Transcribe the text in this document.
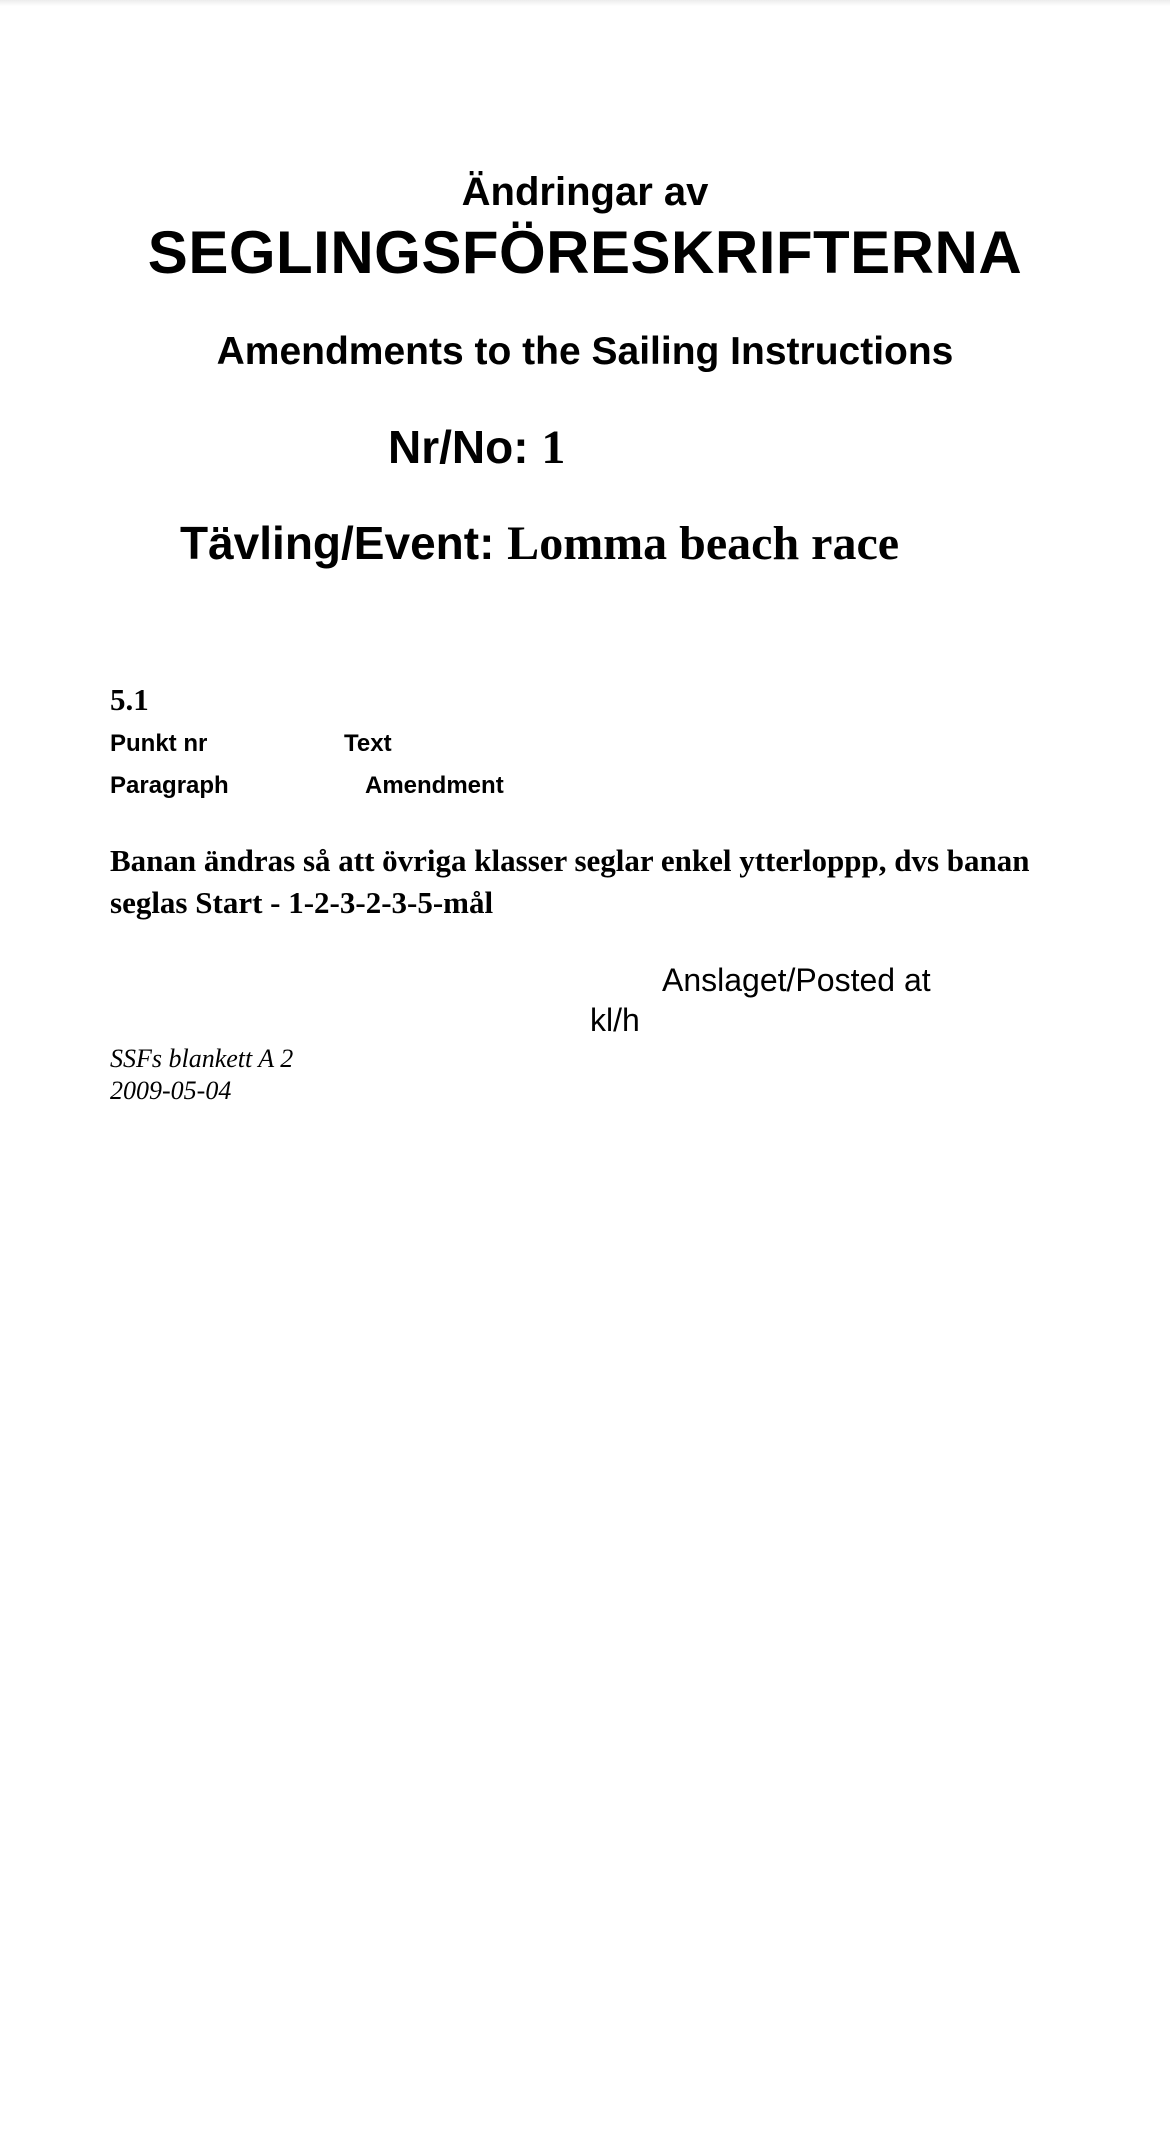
Ändringar av
SEGLINGSFÖRESKRIFTERNA
Amendments to the Sailing Instructions
Nr/No: 1
Tävling/Event: Lomma beach race
5.1
Punkt nr	Text
Paragraph	Amendment
Banan ändras så att övriga klasser seglar enkel ytterloppp, dvs banan seglas Start - 1-2-3-2-3-5-mål
Anslaget/Posted at
kl/h
SSFs blankett A 2
2009-05-04
